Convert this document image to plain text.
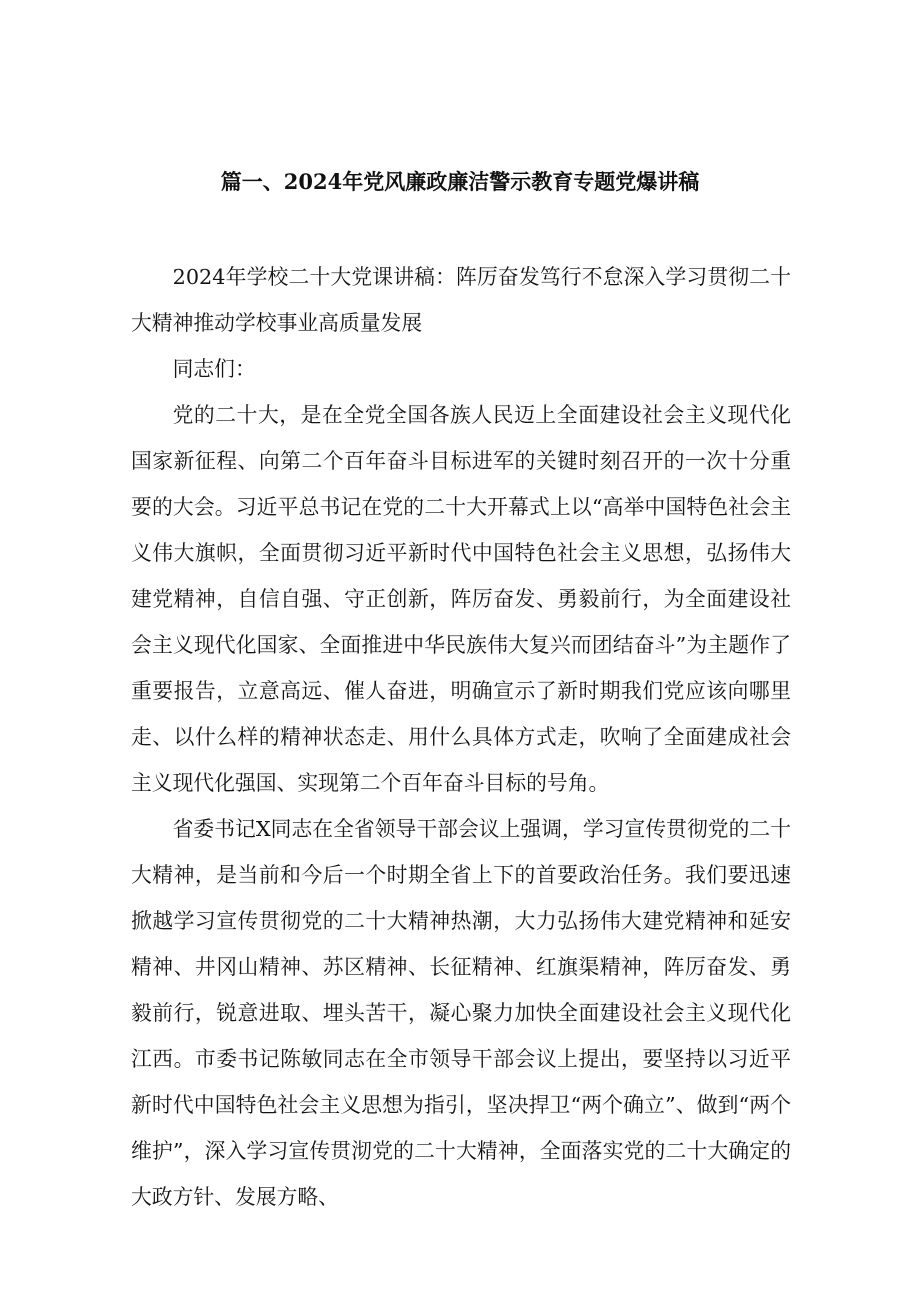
篇一、2024年党风廉政廉洁警示教育专题党爆讲稿

2024年学校二十大党课讲稿：阵厉奋发笃行不怠深入学习贯彻二十大精神推动学校事业高质量发展

同志们：

党的二十大，是在全党全国各族人民迈上全面建设社会主义现代化国家新征程、向第二个百年奋斗目标进军的关键时刻召开的一次十分重要的大会。习近平总书记在党的二十大开幕式上以“高举中国特色社会主义伟大旗帜，全面贯彻习近平新时代中国特色社会主义思想，弘扬伟大建党精神，自信自强、守正创新，阵厉奋发、勇毅前行，为全面建设社会主义现代化国家、全面推进中华民族伟大复兴而团结奋斗”为主题作了重要报告，立意高远、催人奋进，明确宣示了新时期我们党应该向哪里走、以什么样的精神状态走、用什么具体方式走，吹响了全面建成社会主义现代化强国、实现第二个百年奋斗目标的号角。

省委书记X同志在全省领导干部会议上强调，学习宣传贯彻党的二十大精神，是当前和今后一个时期全省上下的首要政治任务。我们要迅速掀越学习宣传贯彻党的二十大精神热潮，大力弘扬伟大建党精神和延安精神、井冈山精神、苏区精神、长征精神、红旗渠精神，阵厉奋发、勇毅前行，锐意进取、埋头苦干，凝心聚力加快全面建设社会主义现代化江西。市委书记陈敏同志在全市领导干部会议上提出，要坚持以习近平新时代中国特色社会主义思想为指引，坚决捍卫“两个确立”、做到“两个维护”，深入学习宣传贯沏党的二十大精神，全面落实党的二十大确定的大政方针、发展方略、
